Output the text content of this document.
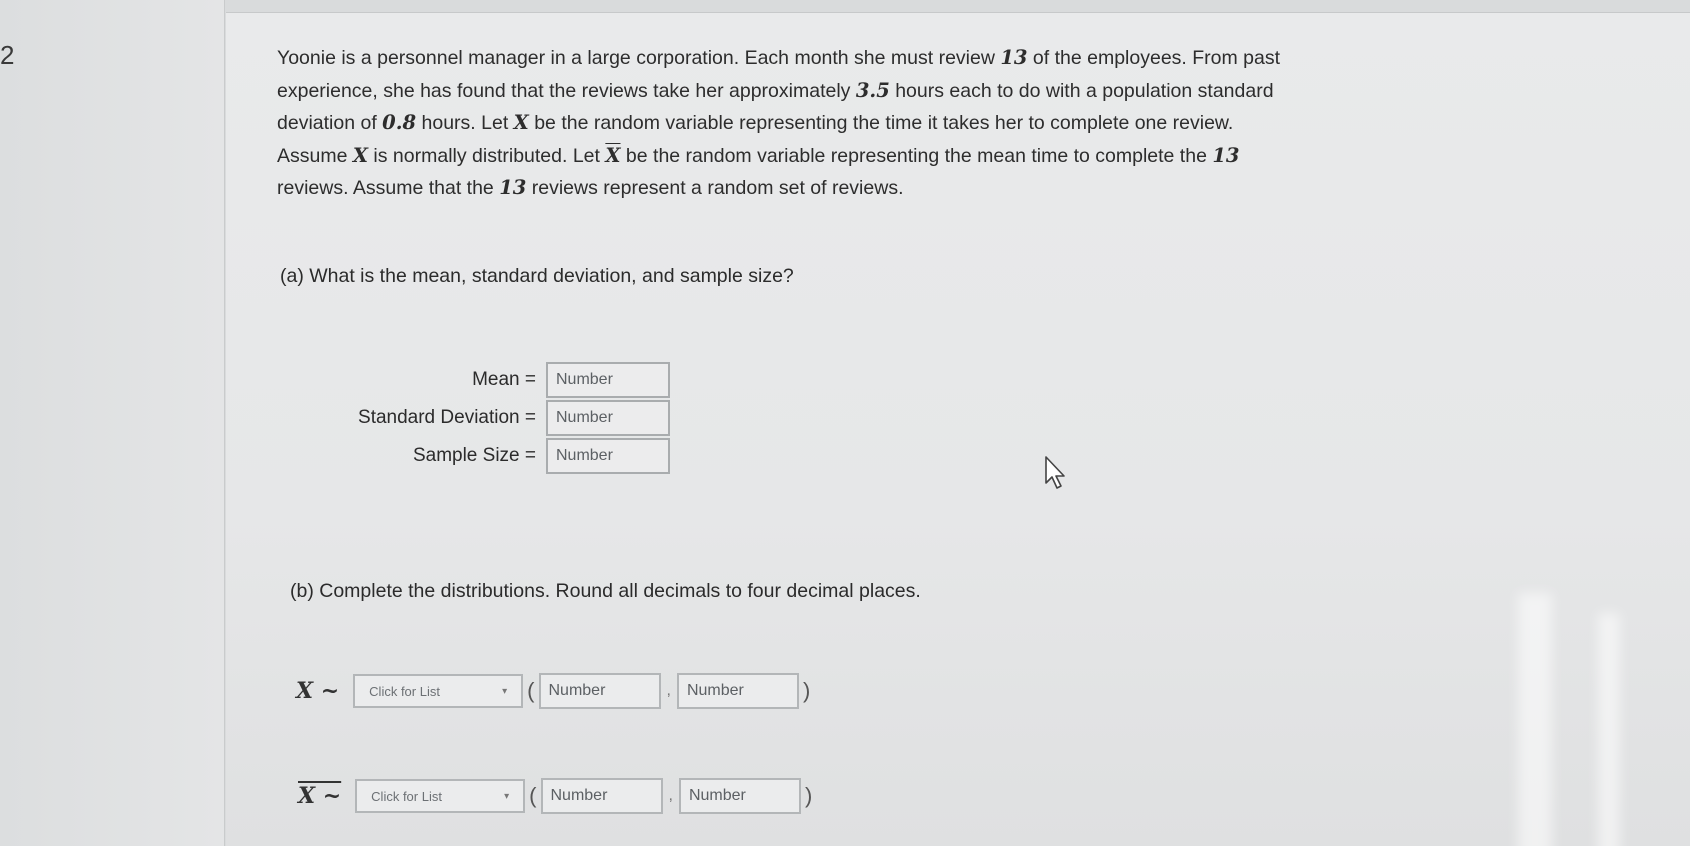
2	Yoonie is a personnel manager in a large corporation. Each month she must review 13 of the employees. From past experience, she has found that the reviews take her approximately 3.5 hours each to do with a population standard deviation of 0.8 hours. Let X be the random variable representing the time it takes her to complete one review. Assume X is normally distributed. Let $\overline{X}$ be the random variable representing the mean time to complete the 13 reviews. Assume that the 13 reviews represent a random set of reviews.
(a) What is the mean, standard deviation, and sample size?
Mean =	Number
Standard Deviation =	Number
Sample Size =	Number
(b) Complete the distributions. Round all decimals to four decimal places.
X ~ Click for List	▾ ( Number	,	Number	)
X ~ Click for List	▾ ( Number	,	Number	)
